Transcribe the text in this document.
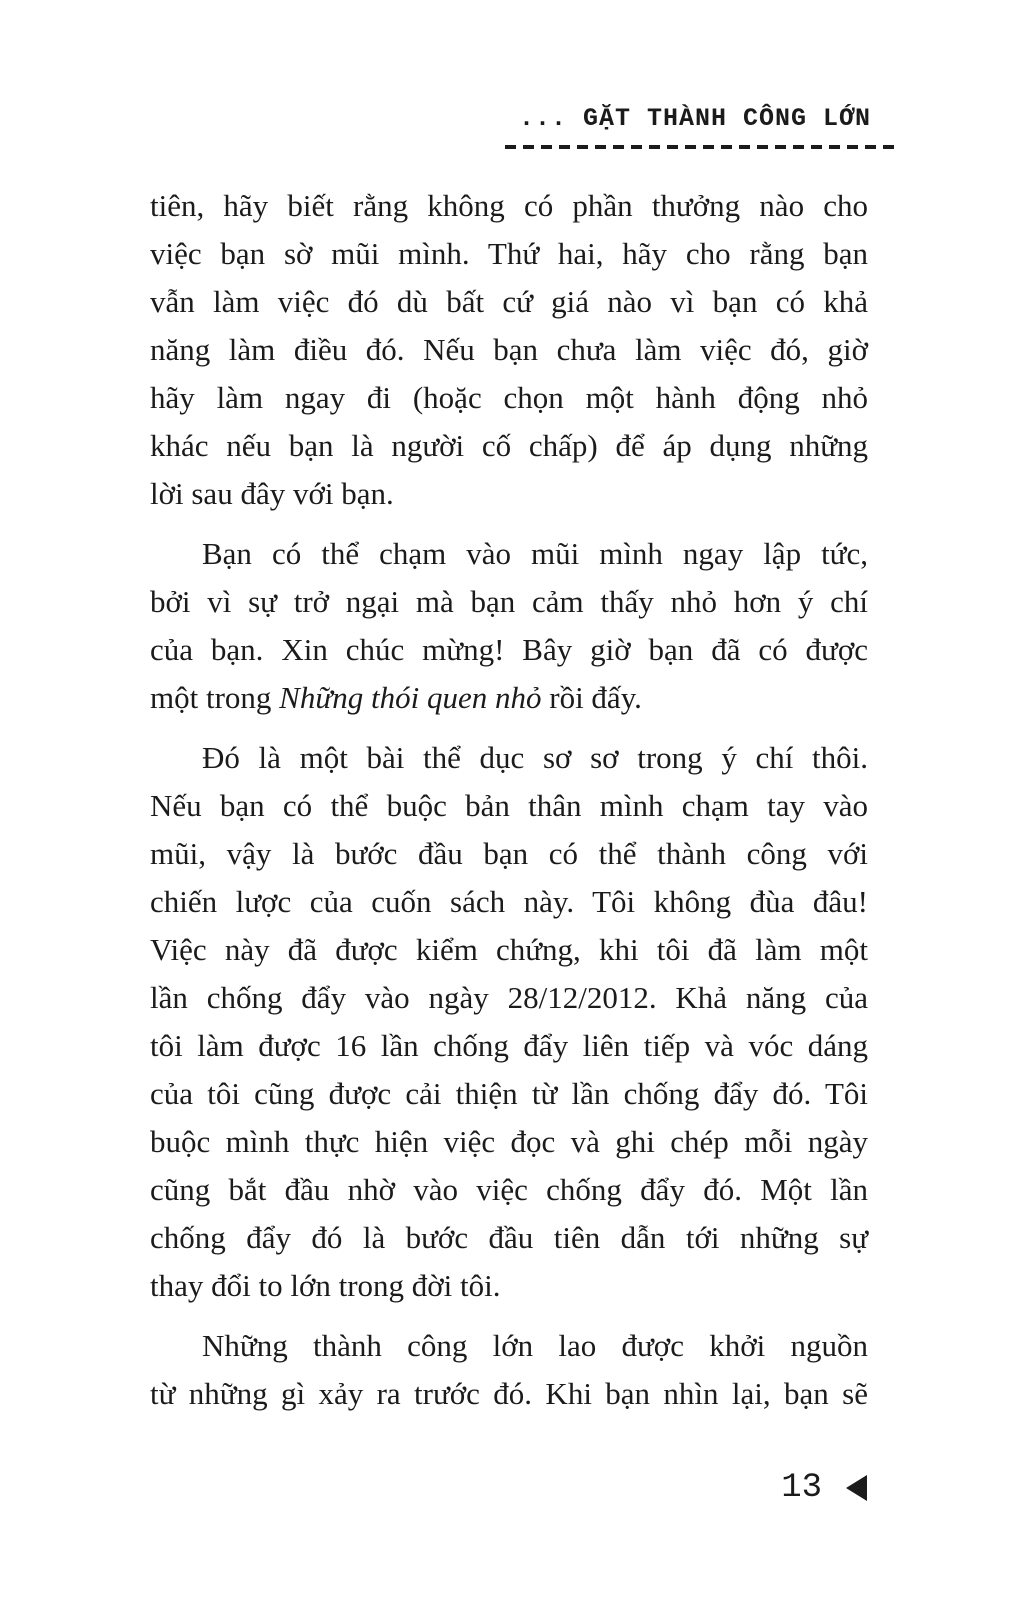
... GẶT THÀNH CÔNG LỚN
tiên, hãy biết rằng không có phần thưởng nào cho
việc bạn sờ mũi mình. Thứ hai, hãy cho rằng bạn
vẫn làm việc đó dù bất cứ giá nào vì bạn có khả
năng làm điều đó. Nếu bạn chưa làm việc đó, giờ
hãy làm ngay đi (hoặc chọn một hành động nhỏ
khác nếu bạn là người cố chấp) để áp dụng những
lời sau đây với bạn.
Bạn có thể chạm vào mũi mình ngay lập tức,
bởi vì sự trở ngại mà bạn cảm thấy nhỏ hơn ý chí
của bạn. Xin chúc mừng! Bây giờ bạn đã có được
một trong Những thói quen nhỏ rồi đấy.
Đó là một bài thể dục sơ sơ trong ý chí thôi.
Nếu bạn có thể buộc bản thân mình chạm tay vào
mũi, vậy là bước đầu bạn có thể thành công với
chiến lược của cuốn sách này. Tôi không đùa đâu!
Việc này đã được kiểm chứng, khi tôi đã làm một
lần chống đẩy vào ngày 28/12/2012. Khả năng của
tôi làm được 16 lần chống đẩy liên tiếp và vóc dáng
của tôi cũng được cải thiện từ lần chống đẩy đó. Tôi
buộc mình thực hiện việc đọc và ghi chép mỗi ngày
cũng bắt đầu nhờ vào việc chống đẩy đó. Một lần
chống đẩy đó là bước đầu tiên dẫn tới những sự
thay đổi to lớn trong đời tôi.
Những thành công lớn lao được khởi nguồn
từ những gì xảy ra trước đó. Khi bạn nhìn lại, bạn sẽ
13
